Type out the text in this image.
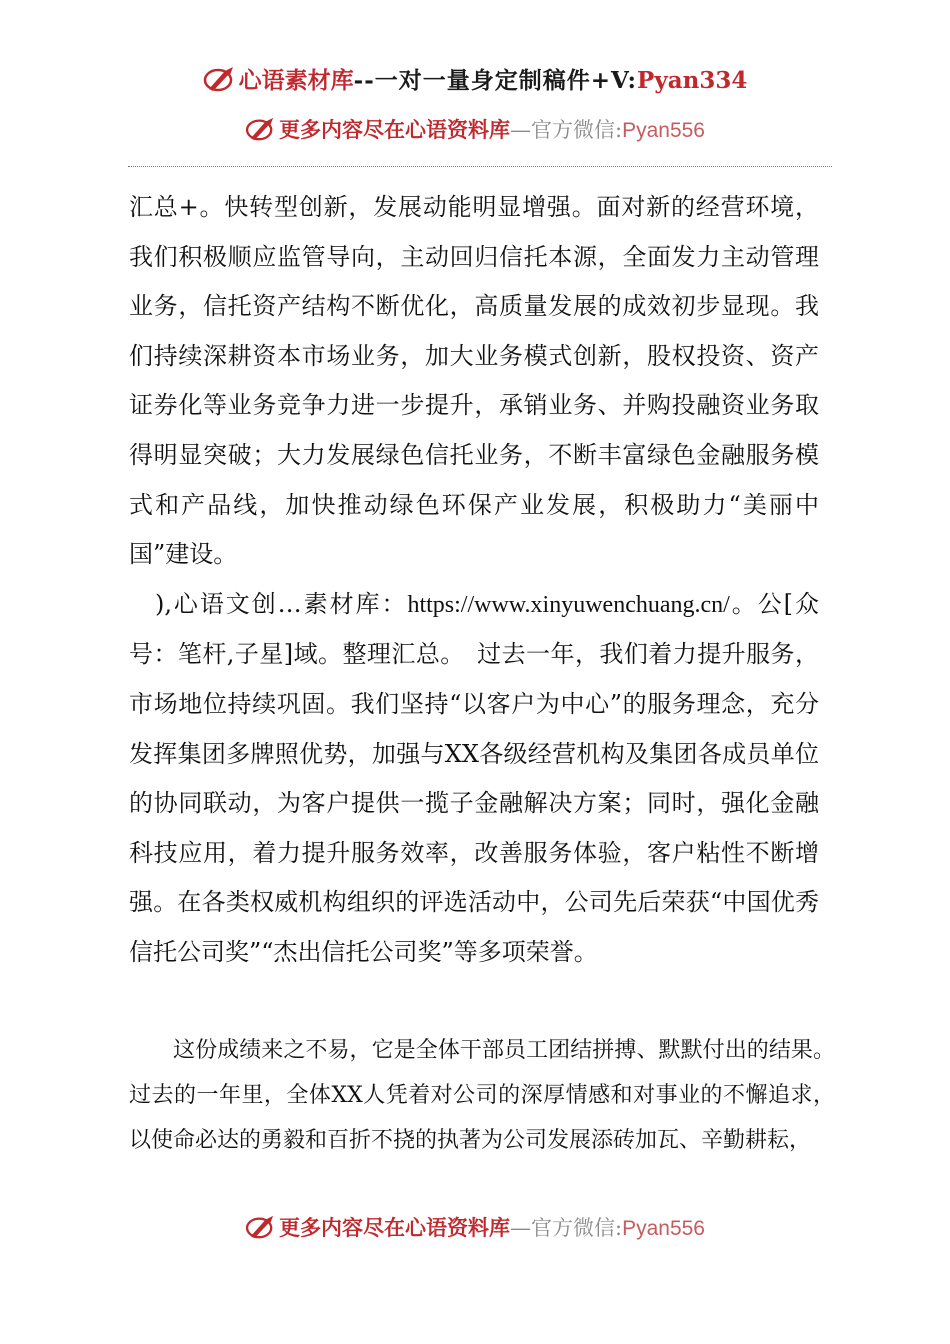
心语素材库--一对一量身定制稿件+V:Pyan334
更多内容尽在心语资料库—官方微信:Pyan556

汇总+。快转型创新，发展动能明显增强。面对新的经营环境，我们积极顺应监管导向，主动回归信托本源，全面发力主动管理业务，信托资产结构不断优化，高质量发展的成效初步显现。我们持续深耕资本市场业务，加大业务模式创新，股权投资、资产证券化等业务竞争力进一步提升，承销业务、并购投融资业务取得明显突破；大力发展绿色信托业务，不断丰富绿色金融服务模式和产品线，加快推动绿色环保产业发展，积极助力“美丽中国”建设。

　),心语文创…素材库：https://www.xinyuwenchuang.cn/。公[众号：笔杆,子星]域。整理汇总。　过去一年，我们着力提升服务，市场地位持续巩固。我们坚持“以客户为中心”的服务理念，充分发挥集团多牌照优势，加强与XX各级经营机构及集团各成员单位的协同联动，为客户提供一揽子金融解决方案；同时，强化金融科技应用，着力提升服务效率，改善服务体验，客户粘性不断增强。在各类权威机构组织的评选活动中，公司先后荣获“中国优秀信托公司奖”“杰出信托公司奖”等多项荣誉。

这份成绩来之不易，它是全体干部员工团结拼搏、默默付出的结果。过去的一年里，全体XX人凭着对公司的深厚情感和对事业的不懈追求，以使命必达的勇毅和百折不挠的执著为公司发展添砖加瓦、辛勤耕耘，

更多内容尽在心语资料库—官方微信:Pyan556
